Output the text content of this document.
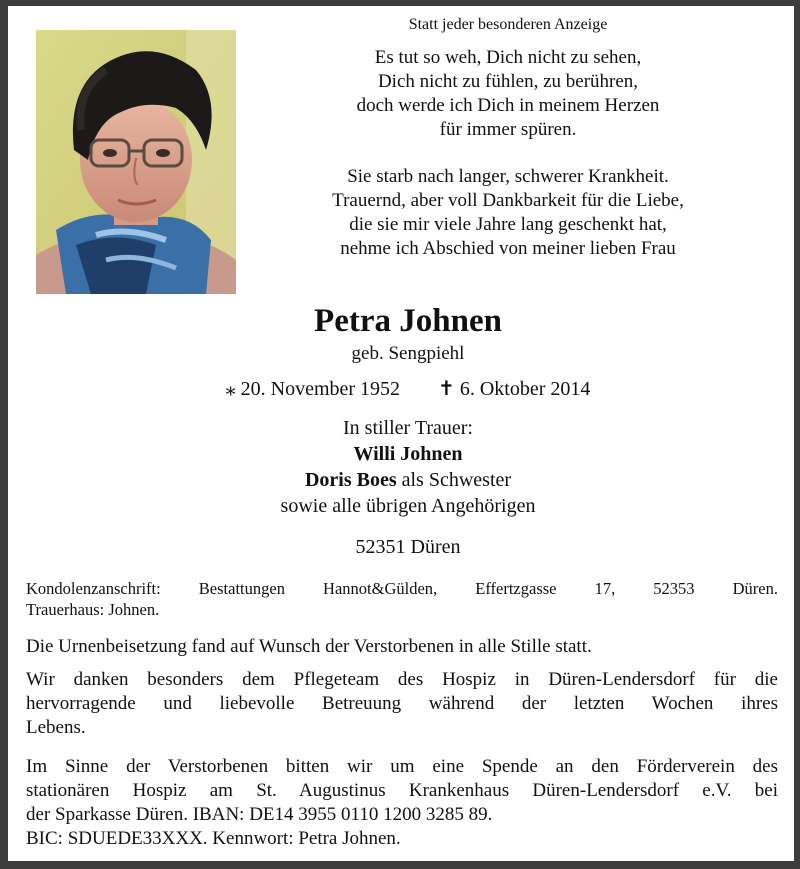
Statt jeder besonderen Anzeige
Es tut so weh, Dich nicht zu sehen,
Dich nicht zu fühlen, zu berühren,
doch werde ich Dich in meinem Herzen
für immer spüren.
Sie starb nach langer, schwerer Krankheit.
Trauernd, aber voll Dankbarkeit für die Liebe,
die sie mir viele Jahre lang geschenkt hat,
nehme ich Abschied von meiner lieben Frau
Petra Johnen
geb. Sengpiehl
⁎ 20. November 1952 ✝ 6. Oktober 2014
In stiller Trauer:
Willi Johnen
Doris Boes als Schwester
sowie alle übrigen Angehörigen
52351 Düren
Kondolenzanschrift: Bestattungen Hannot&Gülden, Effertzgasse 17, 52353 Düren.
Trauerhaus: Johnen.
Die Urnenbeisetzung fand auf Wunsch der Verstorbenen in alle Stille statt.
Wir danken besonders dem Pflegeteam des Hospiz in Düren-Lendersdorf für die
hervorragende und liebevolle Betreuung während der letzten Wochen ihres
Lebens.
Im Sinne der Verstorbenen bitten wir um eine Spende an den Förderverein des
stationären Hospiz am St. Augustinus Krankenhaus Düren-Lendersdorf e.V. bei
der Sparkasse Düren. IBAN: DE14 3955 0110 1200 3285 89.
BIC: SDUEDE33XXX. Kennwort: Petra Johnen.
